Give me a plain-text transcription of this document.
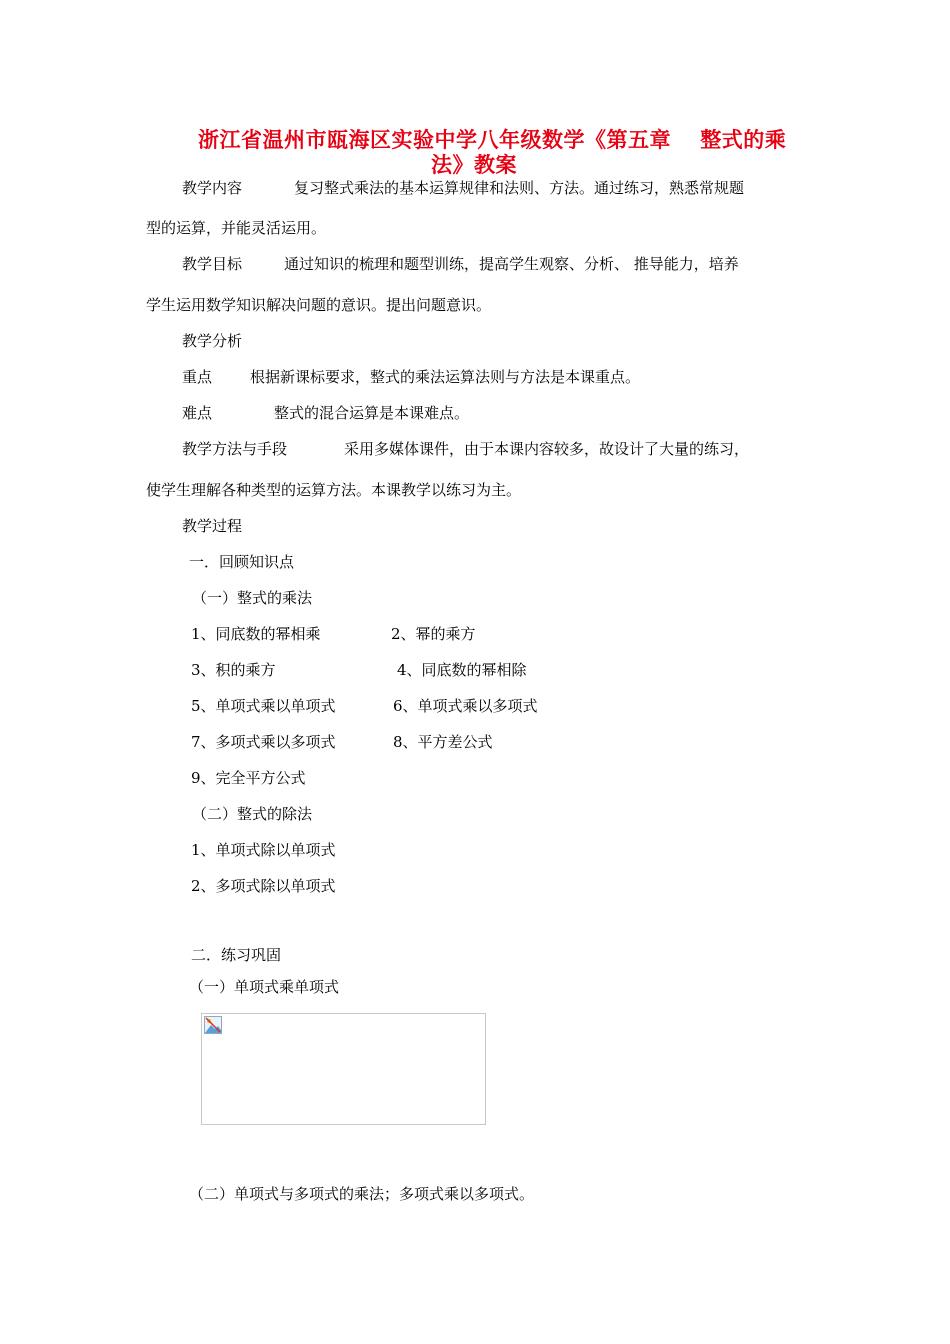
浙江省温州市瓯海区实验中学八年级数学《第五章　 整式的乘
法》教案
教学内容	复习整式乘法的基本运算规律和法则、方法。通过练习，熟悉常规题
型的运算，并能灵活运用。
教学目标	通过知识的梳理和题型训练，提高学生观察、分析、 推导能力，培养
学生运用数学知识解决问题的意识。提出问题意识。
教学分析
重点	根据新课标要求，整式的乘法运算法则与方法是本课重点。
难点	整式的混合运算是本课难点。
教学方法与手段	采用多媒体课件，由于本课内容较多，故设计了大量的练习，
使学生理解各种类型的运算方法。本课教学以练习为主。
教学过程
一．回顾知识点
（一）整式的乘法
1、同底数的幂相乘	2、幂的乘方
3、积的乘方	4、同底数的幂相除
5、单项式乘以单项式	6、单项式乘以多项式
7、多项式乘以多项式	8、平方差公式
9、完全平方公式
（二）整式的除法
1、单项式除以单项式
2、多项式除以单项式
二．练习巩固
（一）单项式乘单项式
（二）单项式与多项式的乘法；多项式乘以多项式。
